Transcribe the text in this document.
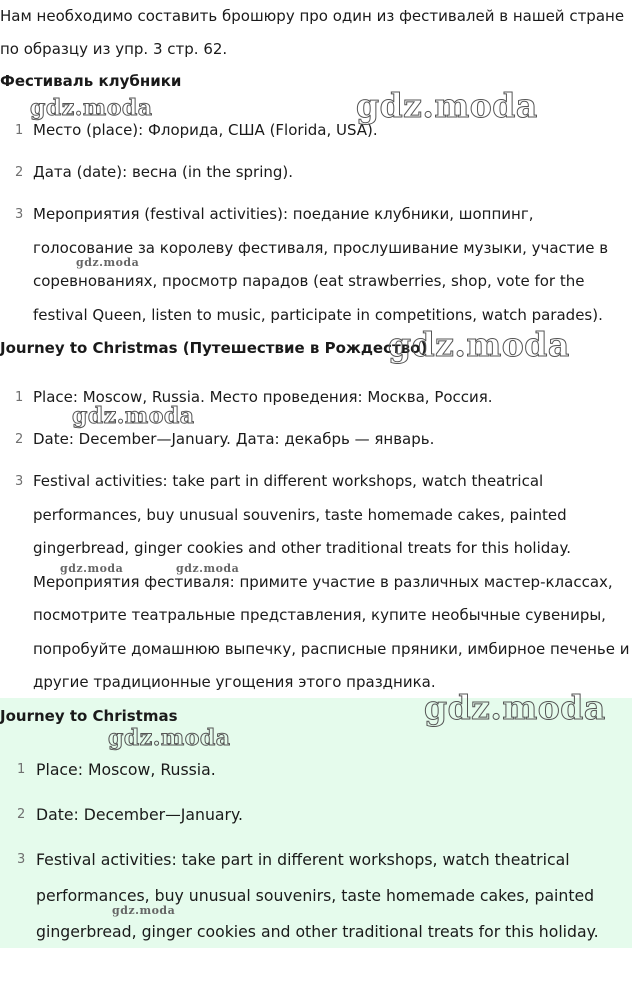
Нам необходимо составить брошюру про один из фестивалей в нашей стране по образцу из упр. 3 стр. 62.
Фестиваль клубники
1 Место (place): Флорида, США (Florida, USA).
2 Дата (date): весна (in the spring).
3 Мероприятия (festival activities): поедание клубники, шоппинг, голосование за королеву фестиваля, прослушивание музыки, участие в соревнованиях, просмотр парадов (eat strawberries, shop, vote for the festival Queen, listen to music, participate in competitions, watch parades).
Journey to Christmas (Путешествие в Рождество)
1 Place: Moscow, Russia. Место проведения: Москва, Россия.
2 Date: December—January. Дата: декабрь — январь.
3 Festival activities: take part in different workshops, watch theatrical performances, buy unusual souvenirs, taste homemade cakes, painted gingerbread, ginger cookies and other traditional treats for this holiday. Мероприятия фестиваля: примите участие в различных мастер-классах, посмотрите театральные представления, купите необычные сувениры, попробуйте домашнюю выпечку, расписные пряники, имбирное печенье и другие традиционные угощения этого праздника.
Journey to Christmas
1 Place: Moscow, Russia.
2 Date: December—January.
3 Festival activities: take part in different workshops, watch theatrical performances, buy unusual souvenirs, taste homemade cakes, painted gingerbread, ginger cookies and other traditional treats for this holiday.
gdz.moda	gdz.moda
gdz.moda
gdz.moda
gdz.moda
gdz.moda	gdz.moda
gdz.moda
gdz.moda
gdz.moda
